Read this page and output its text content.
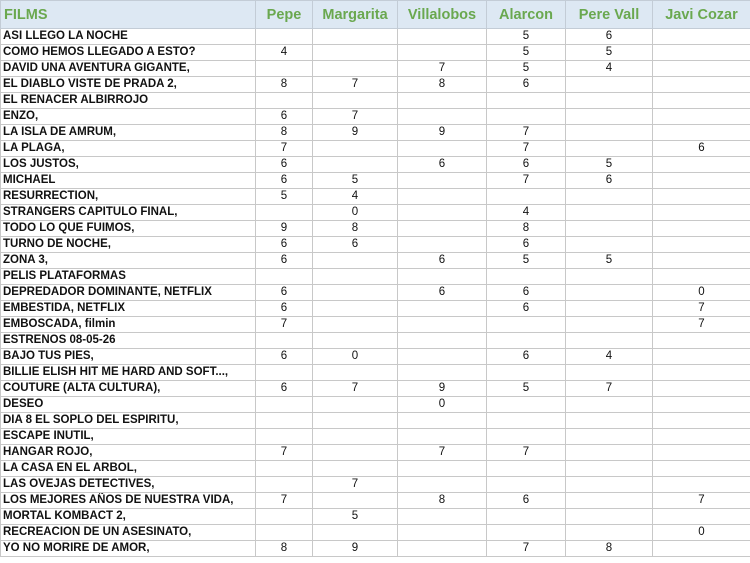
FILMS	Pepe	Margarita	Villalobos	Alarcon	Pere Vall	Javi Cozar
ASI LLEGO LA NOCHE				5	6	
COMO HEMOS LLEGADO A ESTO?	4			5	5	
DAVID UNA AVENTURA GIGANTE,			7	5	4	
EL DIABLO VISTE DE PRADA 2,	8	7	8	6		
EL RENACER ALBIRROJO						
ENZO,	6	7				
LA ISLA DE AMRUM,	8	9	9	7		
LA PLAGA,	7			7		6
LOS JUSTOS,	6		6	6	5	
MICHAEL	6	5		7	6	
RESURRECTION,	5	4				
STRANGERS CAPITULO FINAL,		0		4		
TODO LO QUE FUIMOS,	9	8		8		
TURNO DE NOCHE,	6	6		6		
ZONA 3,	6		6	5	5	
PELIS PLATAFORMAS						
DEPREDADOR DOMINANTE, NETFLIX	6		6	6		0
EMBESTIDA, NETFLIX	6			6		7
EMBOSCADA, filmin	7					7
ESTRENOS 08-05-26						
BAJO TUS PIES,	6	0		6	4	
BILLIE ELISH HIT ME HARD AND SOFT...,						
COUTURE (ALTA CULTURA),	6	7	9	5	7	
DESEO			0			
DIA 8 EL SOPLO DEL ESPIRITU,						
ESCAPE INUTIL,						
HANGAR ROJO,	7		7	7		
LA CASA EN EL ARBOL,						
LAS OVEJAS DETECTIVES,		7				
LOS MEJORES AÑOS DE NUESTRA VIDA,	7		8	6		7
MORTAL KOMBACT 2,		5				
RECREACION DE UN ASESINATO,						0
YO NO MORIRE DE AMOR,	8	9		7	8	
